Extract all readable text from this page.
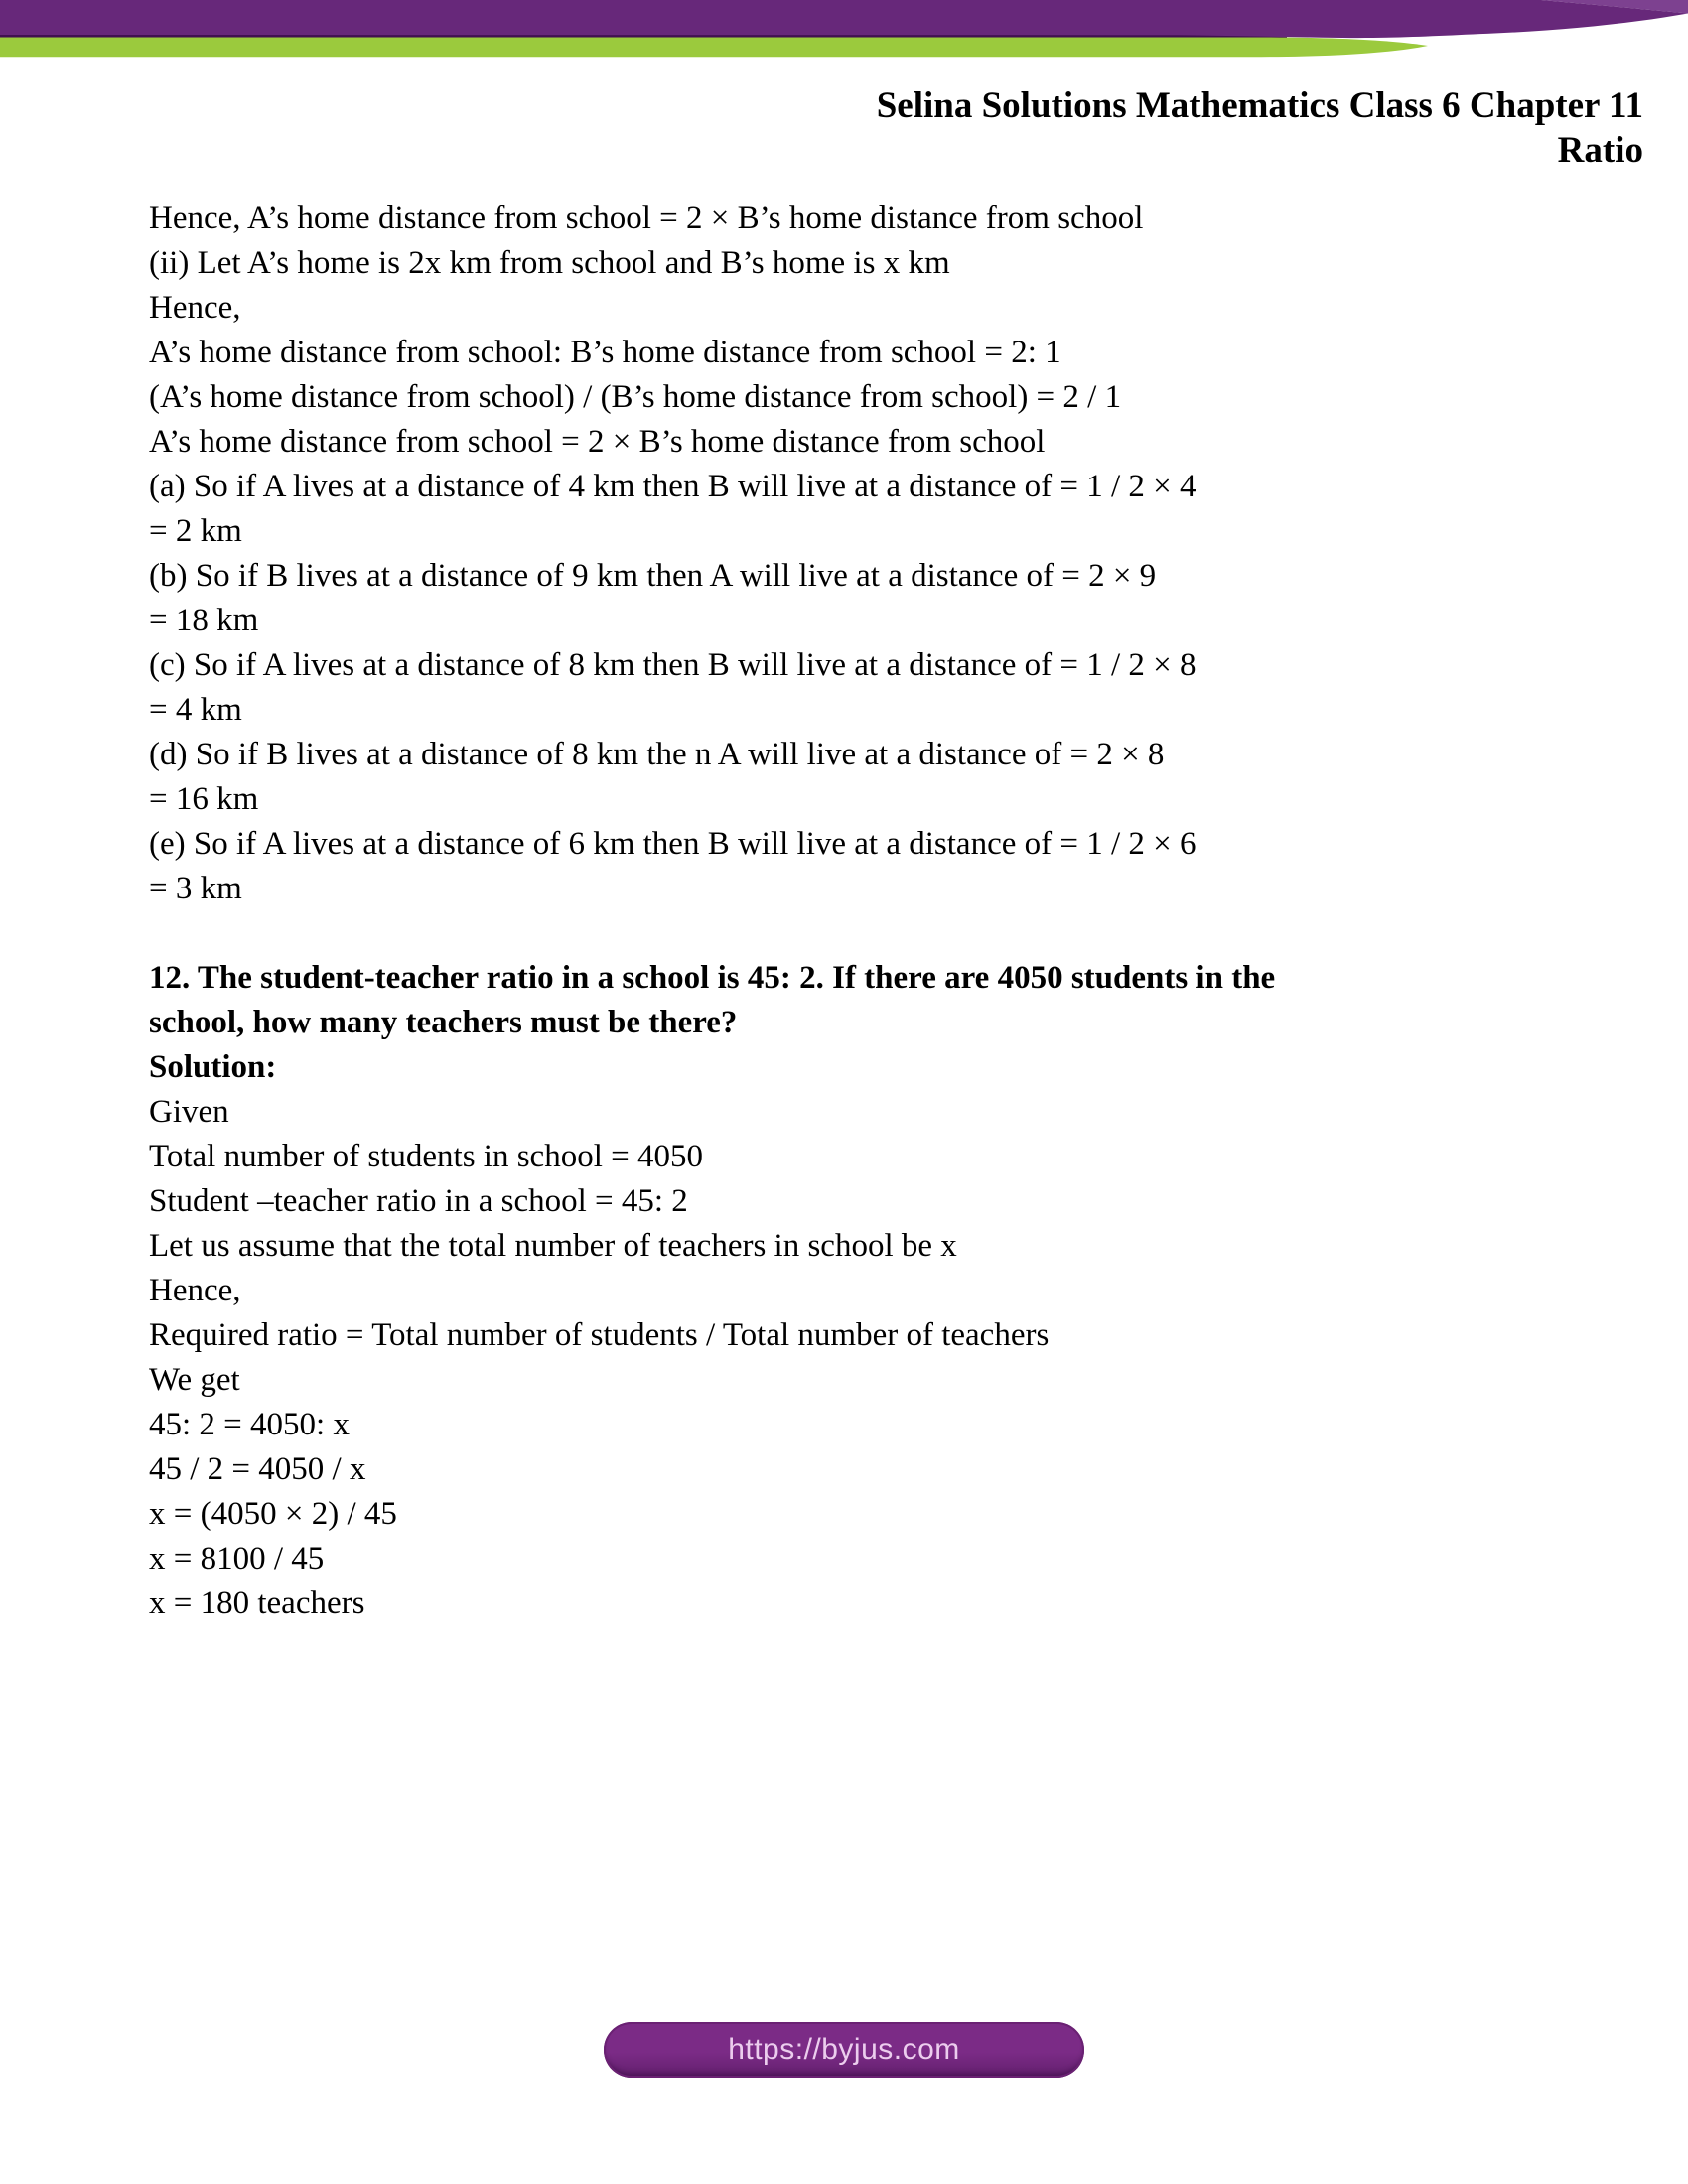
Selina Solutions Mathematics Class 6 Chapter 11
Ratio
Hence, A’s home distance from school = 2 × B’s home distance from school
(ii) Let A’s home is 2x km from school and B’s home is x km
Hence,
A’s home distance from school: B’s home distance from school = 2: 1
(A’s home distance from school) / (B’s home distance from school) = 2 / 1
A’s home distance from school = 2 × B’s home distance from school
(a) So if A lives at a distance of 4 km then B will live at a distance of = 1 / 2 × 4
= 2 km
(b) So if B lives at a distance of 9 km then A will live at a distance of = 2 × 9
= 18 km
(c) So if A lives at a distance of 8 km then B will live at a distance of = 1 / 2 × 8
= 4 km
(d) So if B lives at a distance of 8 km the n A will live at a distance of = 2 × 8
= 16 km
(e) So if A lives at a distance of 6 km then B will live at a distance of = 1 / 2 × 6
= 3 km

12. The student-teacher ratio in a school is 45: 2. If there are 4050 students in the
school, how many teachers must be there?
Solution:
Given
Total number of students in school = 4050
Student –teacher ratio in a school = 45: 2
Let us assume that the total number of teachers in school be x
Hence,
Required ratio = Total number of students / Total number of teachers
We get
45: 2 = 4050: x
45 / 2 = 4050 / x
x = (4050 × 2) / 45
x = 8100 / 45
x = 180 teachers
https://byjus.com
